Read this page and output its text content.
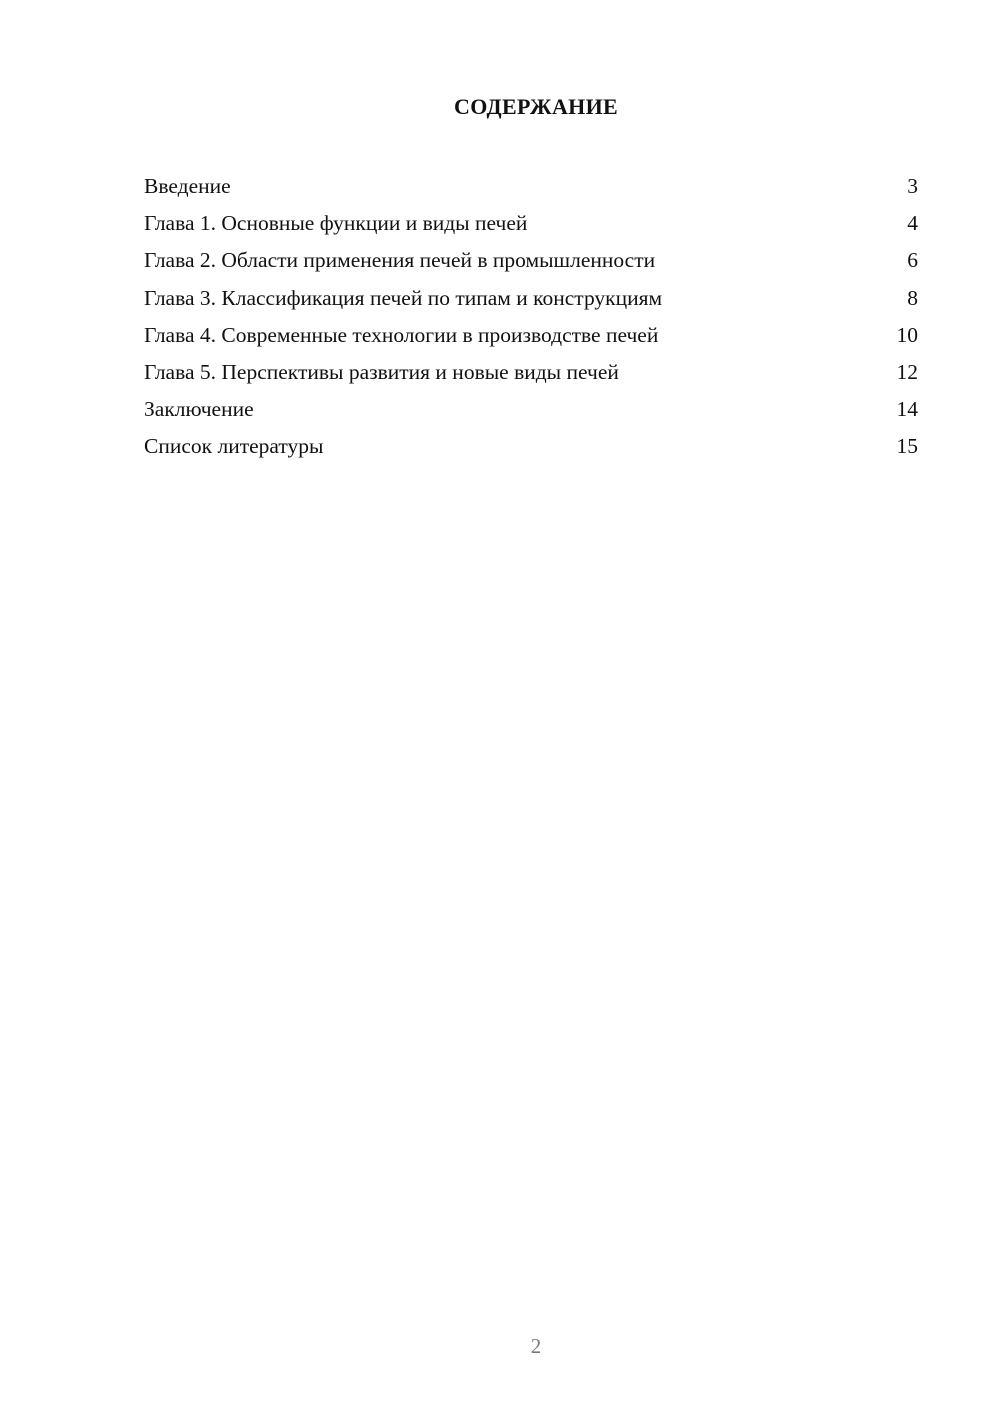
СОДЕРЖАНИЕ
Введение	3
Глава 1. Основные функции и виды печей	4
Глава 2. Области применения печей в промышленности	6
Глава 3. Классификация печей по типам и конструкциям	8
Глава 4. Современные технологии в производстве печей	10
Глава 5. Перспективы развития и новые виды печей	12
Заключение	14
Список литературы	15
2
